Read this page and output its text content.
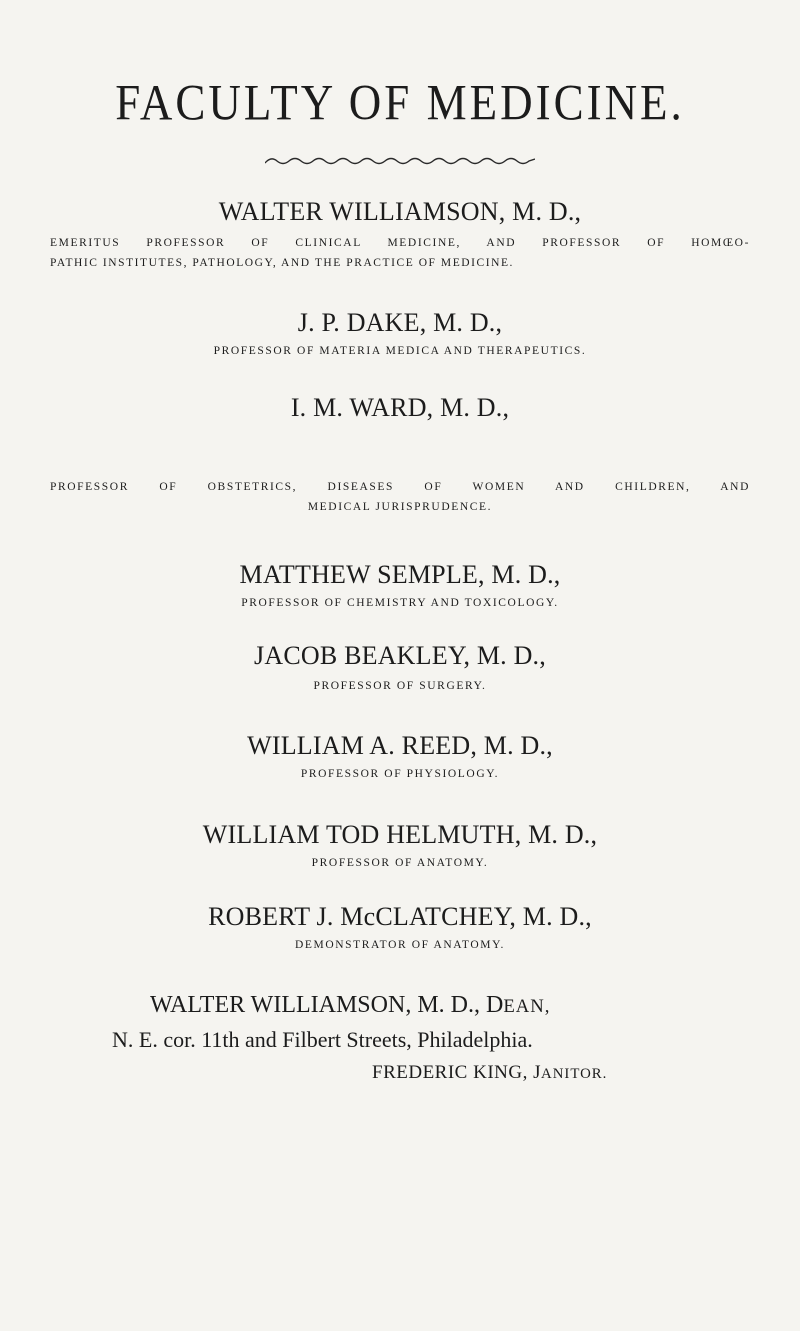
FACULTY OF MEDICINE.
WALTER WILLIAMSON, M. D.,
EMERITUS PROFESSOR OF CLINICAL MEDICINE, AND PROFESSOR OF HOMŒO-
PATHIC INSTITUTES, PATHOLOGY, AND THE PRACTICE OF MEDICINE.
J. P. DAKE, M. D.,
PROFESSOR OF MATERIA MEDICA AND THERAPEUTICS.
I. M. WARD, M. D.,
PROFESSOR OF OBSTETRICS, DISEASES OF WOMEN AND CHILDREN, AND
MEDICAL JURISPRUDENCE.
MATTHEW SEMPLE, M. D.,
PROFESSOR OF CHEMISTRY AND TOXICOLOGY.
JACOB BEAKLEY, M. D.,
PROFESSOR OF SURGERY.
WILLIAM A. REED, M. D.,
PROFESSOR OF PHYSIOLOGY.
WILLIAM TOD HELMUTH, M. D.,
PROFESSOR OF ANATOMY.
ROBERT J. McCLATCHEY, M. D.,
DEMONSTRATOR OF ANATOMY.
WALTER WILLIAMSON, M. D., DEAN,
N. E. cor. 11th and Filbert Streets, Philadelphia.
FREDERIC KING, JANITOR.
